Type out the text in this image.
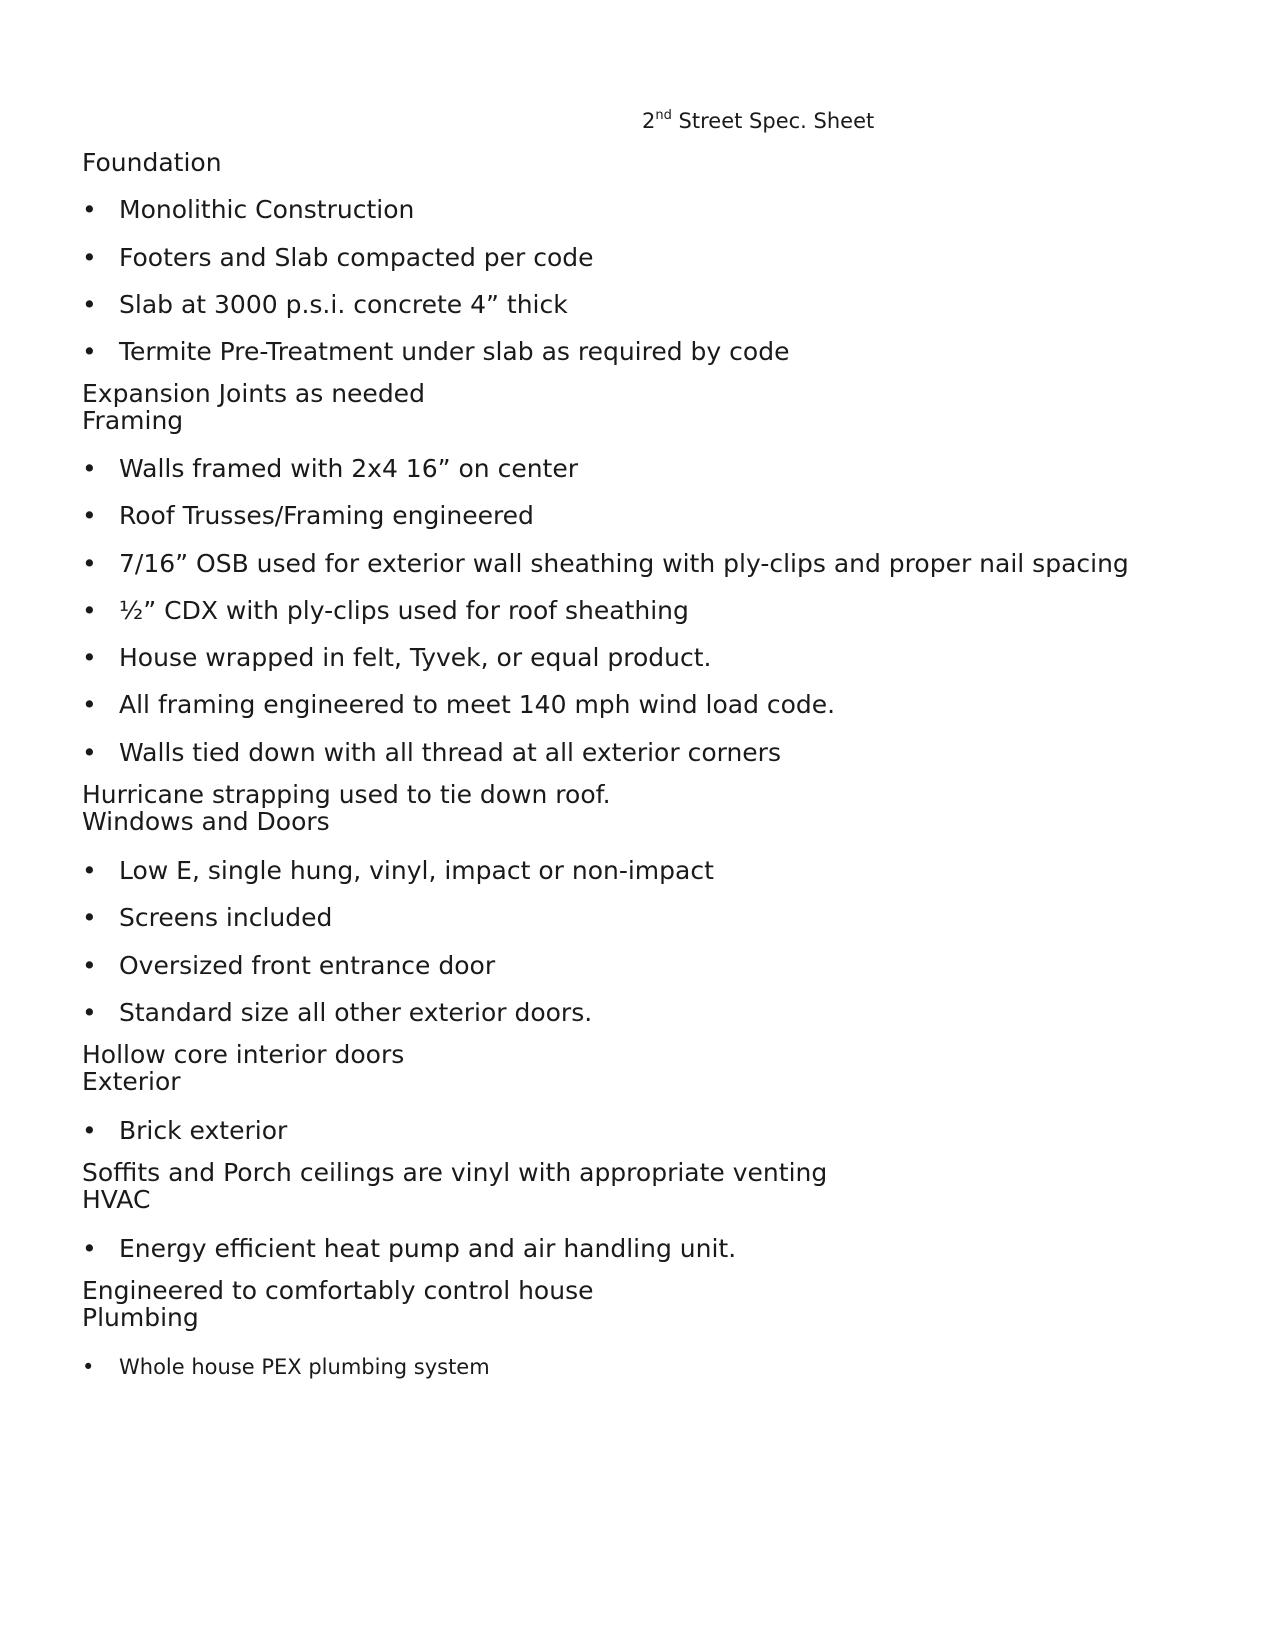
2nd Street Spec. Sheet
Foundation
• Monolithic Construction
• Footers and Slab compacted per code
• Slab at 3000 p.s.i. concrete 4” thick
• Termite Pre-Treatment under slab as required by code
Expansion Joints as needed
Framing
• Walls framed with 2x4 16” on center
• Roof Trusses/Framing engineered
• 7/16” OSB used for exterior wall sheathing with ply-clips and proper nail spacing
• ½” CDX with ply-clips used for roof sheathing
• House wrapped in felt, Tyvek, or equal product.
• All framing engineered to meet 140 mph wind load code.
• Walls tied down with all thread at all exterior corners
Hurricane strapping used to tie down roof.
Windows and Doors
• Low E, single hung, vinyl, impact or non-impact
• Screens included
• Oversized front entrance door
• Standard size all other exterior doors.
Hollow core interior doors
Exterior
• Brick exterior
Soffits and Porch ceilings are vinyl with appropriate venting
HVAC
• Energy efficient heat pump and air handling unit.
Engineered to comfortably control house
Plumbing
•	Whole house PEX plumbing system
